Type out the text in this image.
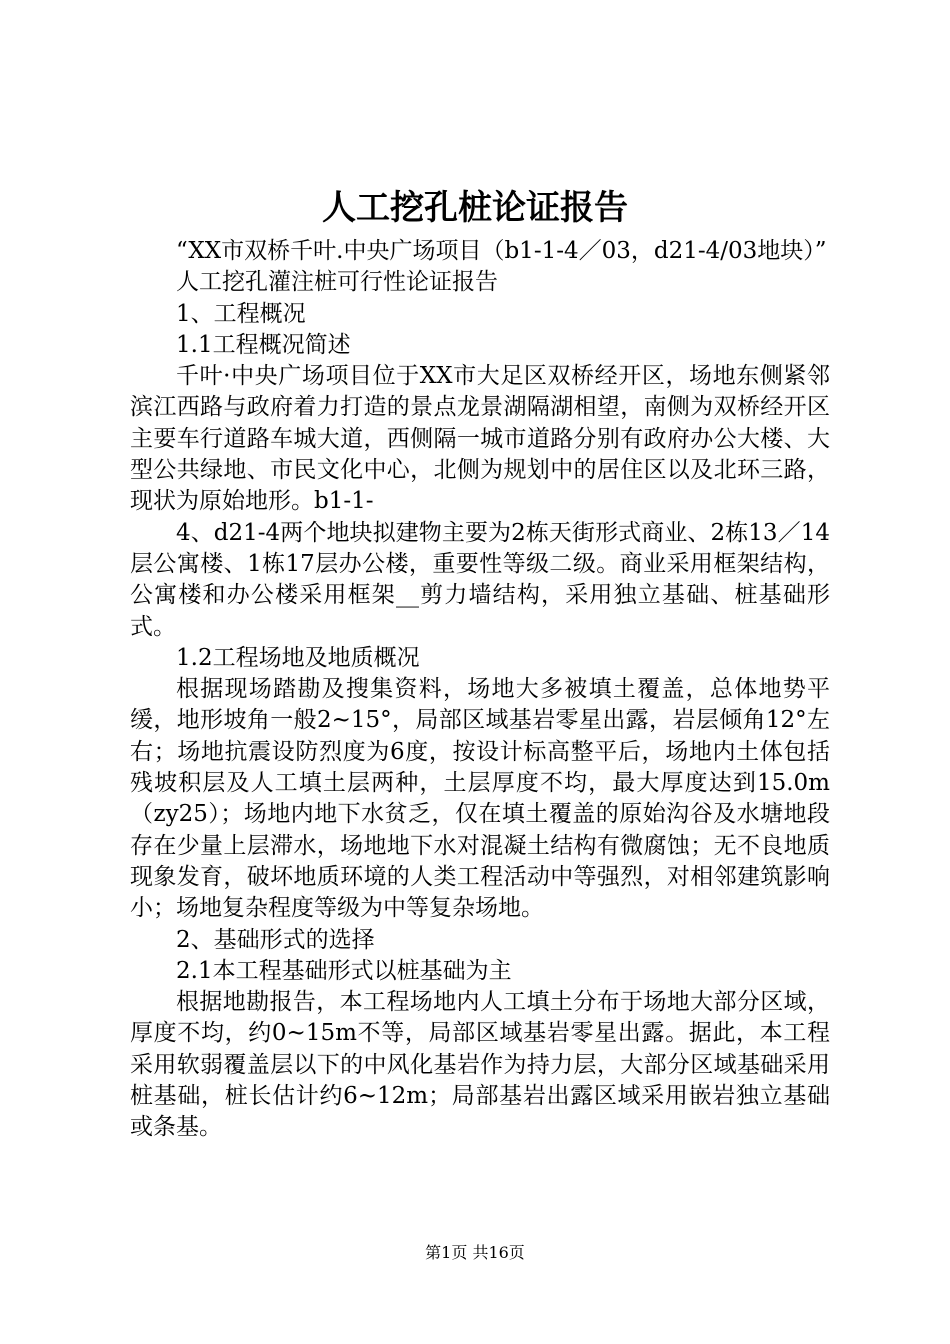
人工挖孔桩论证报告

“XX市双桥千叶.中央广场项目（b1-1-4／03，d21-4/03地块）”

人工挖孔灌注桩可行性论证报告

1、工程概况

1.1工程概况简述

千叶·中央广场项目位于XX市大足区双桥经开区，场地东侧紧邻滨江西路与政府着力打造的景点龙景湖隔湖相望，南侧为双桥经开区主要车行道路车城大道，西侧隔一城市道路分别有政府办公大楼、大型公共绿地、市民文化中心，北侧为规划中的居住区以及北环三路，现状为原始地形。b1-1-

4、d21-4两个地块拟建物主要为2栋天街形式商业、2栋13／14层公寓楼、1栋17层办公楼，重要性等级二级。商业采用框架结构，公寓楼和办公楼采用框架__剪力墙结构，采用独立基础、桩基础形式。

1.2工程场地及地质概况

根据现场踏勘及搜集资料，场地大多被填土覆盖，总体地势平缓，地形坡角一般2~15°，局部区域基岩零星出露，岩层倾角12°左右；场地抗震设防烈度为6度，按设计标高整平后，场地内土体包括残坡积层及人工填土层两种，土层厚度不均，最大厚度达到15.0m（zy25）；场地内地下水贫乏，仅在填土覆盖的原始沟谷及水塘地段存在少量上层滞水，场地地下水对混凝土结构有微腐蚀；无不良地质现象发育，破坏地质环境的人类工程活动中等强烈，对相邻建筑影响小；场地复杂程度等级为中等复杂场地。

2、基础形式的选择

2.1本工程基础形式以桩基础为主

根据地勘报告，本工程场地内人工填土分布于场地大部分区域，厚度不均，约0~15m不等，局部区域基岩零星出露。据此，本工程采用软弱覆盖层以下的中风化基岩作为持力层，大部分区域基础采用桩基础，桩长估计约6~12m；局部基岩出露区域采用嵌岩独立基础或条基。

第1页 共16页
